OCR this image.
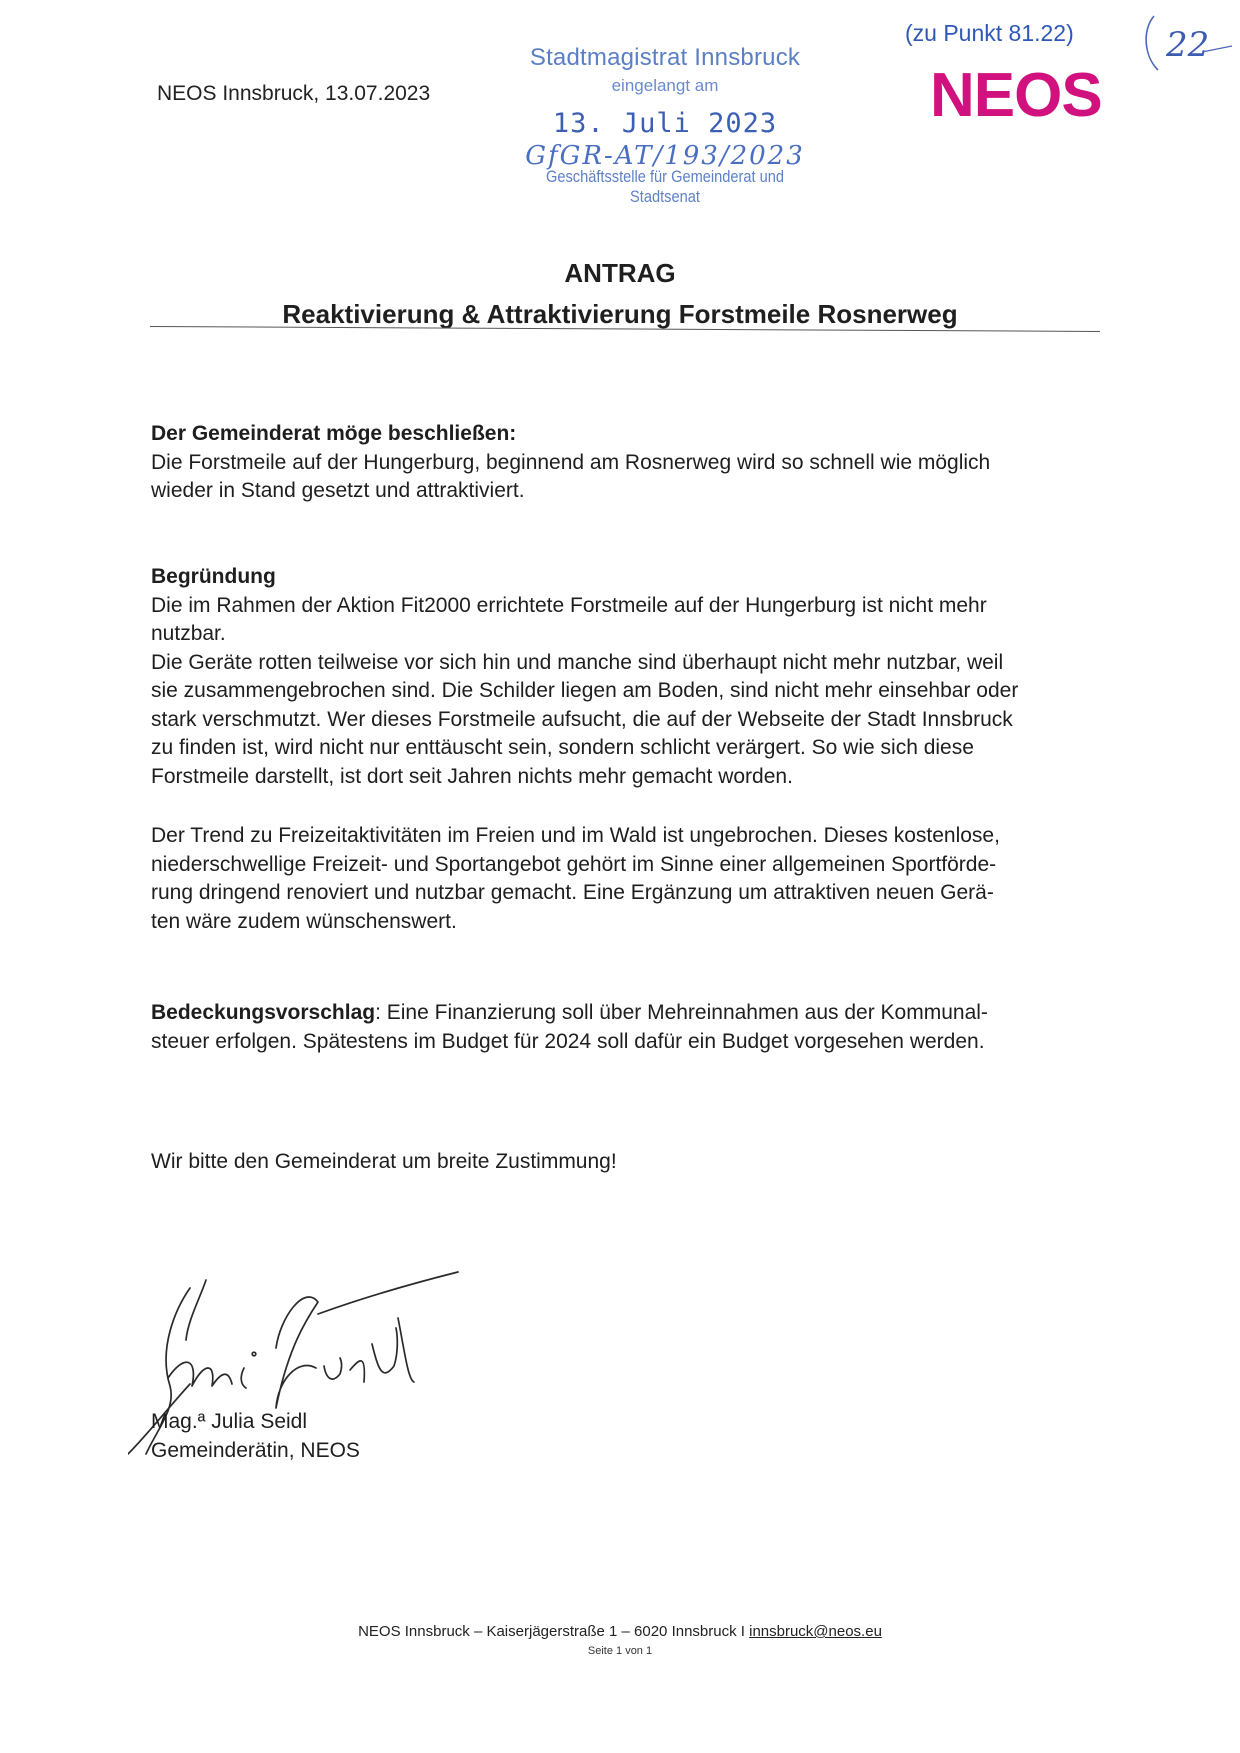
NEOS Innsbruck, 13.07.2023
Stadtmagistrat Innsbruck
eingelangt am
13. Juli 2023
GfGR-AT/193/2023
Geschäftsstelle für Gemeinderat und Stadtsenat
(zu Punkt 81.22)	22
NEOS
ANTRAG
Reaktivierung & Attraktivierung Forstmeile Rosnerweg

Der Gemeinderat möge beschließen:

Die Forstmeile auf der Hungerburg, beginnend am Rosnerweg wird so schnell wie möglich

wieder in Stand gesetzt und attraktiviert.

Begründung

Die im Rahmen der Aktion Fit2000 errichtete Forstmeile auf der Hungerburg ist nicht mehr

nutzbar.

Die Geräte rotten teilweise vor sich hin und manche sind überhaupt nicht mehr nutzbar, weil

sie zusammengebrochen sind. Die Schilder liegen am Boden, sind nicht mehr einsehbar oder

stark verschmutzt. Wer dieses Forstmeile aufsucht, die auf der Webseite der Stadt Innsbruck

zu finden ist, wird nicht nur enttäuscht sein, sondern schlicht verärgert. So wie sich diese

Forstmeile darstellt, ist dort seit Jahren nichts mehr gemacht worden.

Der Trend zu Freizeitaktivitäten im Freien und im Wald ist ungebrochen. Dieses kostenlose,

niederschwellige Freizeit- und Sportangebot gehört im Sinne einer allgemeinen Sportförde-

rung dringend renoviert und nutzbar gemacht. Eine Ergänzung um attraktiven neuen Gerä-

ten wäre zudem wünschenswert.

Bedeckungsvorschlag: Eine Finanzierung soll über Mehreinnahmen aus der Kommunal-

steuer erfolgen. Spätestens im Budget für 2024 soll dafür ein Budget vorgesehen werden.

Wir bitte den Gemeinderat um breite Zustimmung!

Mag.ª Julia Seidl

Gemeinderätin, NEOS

NEOS Innsbruck – Kaiserjägerstraße 1 – 6020 Innsbruck I innsbruck@neos.eu
Seite 1 von 1
